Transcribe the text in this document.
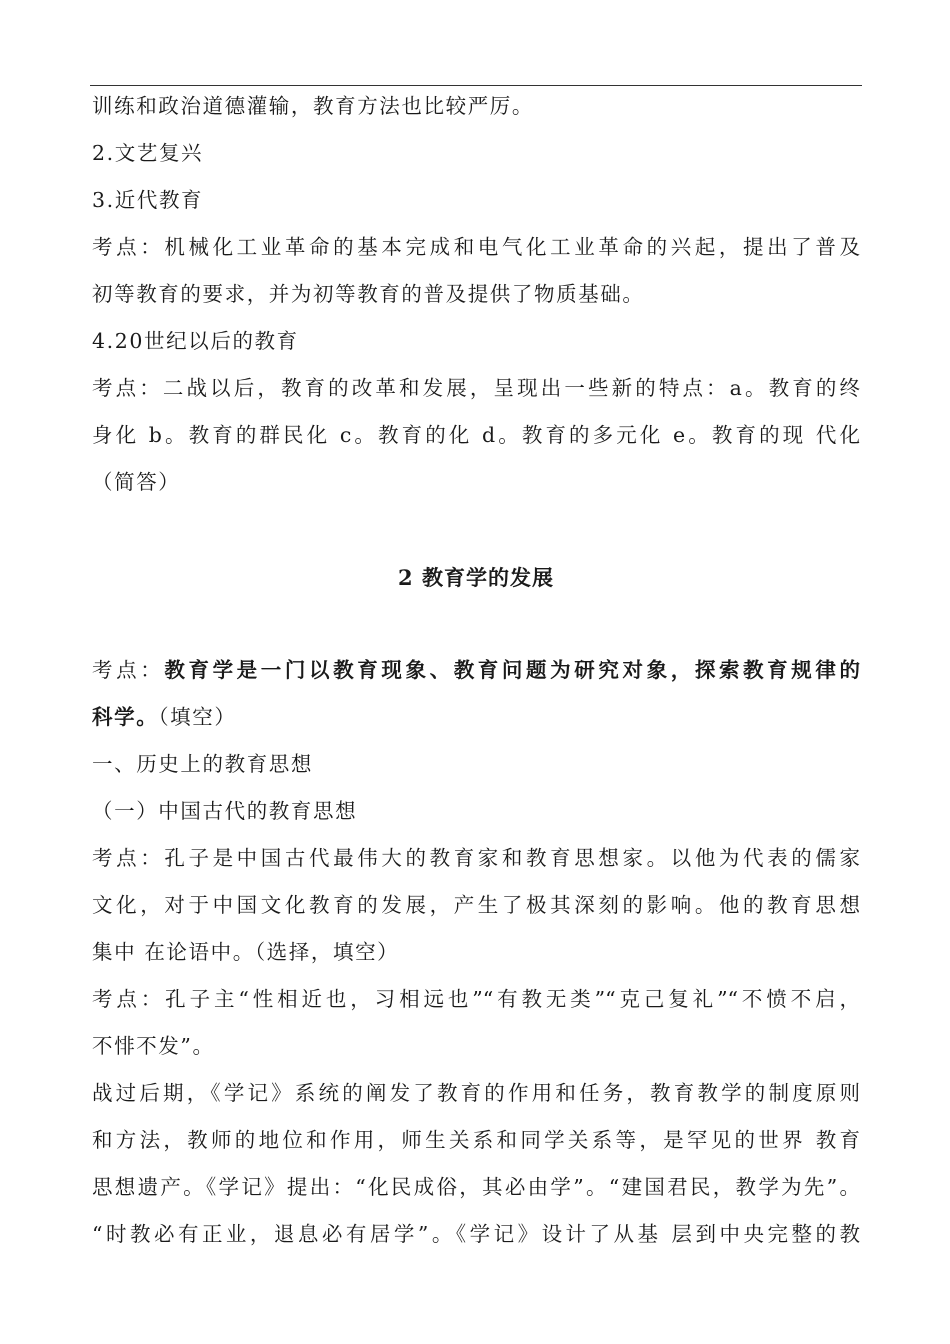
训练和政治道德灌输，教育方法也比较严厉。
2.文艺复兴
3.近代教育
考点：机械化工业革命的基本完成和电气化工业革命的兴起，提出了普及
初等教育的要求，并为初等教育的普及提供了物质基础。
4.20世纪以后的教育
考点：二战以后，教育的改革和发展，呈现出一些新的特点：a。教育的终
身化 b。教育的群民化 c。教育的化 d。教育的多元化 e。教育的现 代化
（简答）
2 教育学的发展
考点：教育学是一门以教育现象、教育问题为研究对象，探索教育规律的
科学。（填空）
一、历史上的教育思想
（一）中国古代的教育思想
考点：孔子是中国古代最伟大的教育家和教育思想家。以他为代表的儒家
文化，对于中国文化教育的发展，产生了极其深刻的影响。他的教育思想
集中 在论语中。（选择，填空）
考点：孔子主“性相近也，习相远也”“有教无类”“克己复礼”“不愤不启，
不悱不发”。
战过后期，《学记》系统的阐发了教育的作用和任务，教育教学的制度原则
和方法，教师的地位和作用，师生关系和同学关系等，是罕见的世界 教育
思想遗产。《学记》提出：“化民成俗，其必由学”。“建国君民，教学为先”。
“时教必有正业，退息必有居学”。《学记》设计了从基 层到中央完整的教
